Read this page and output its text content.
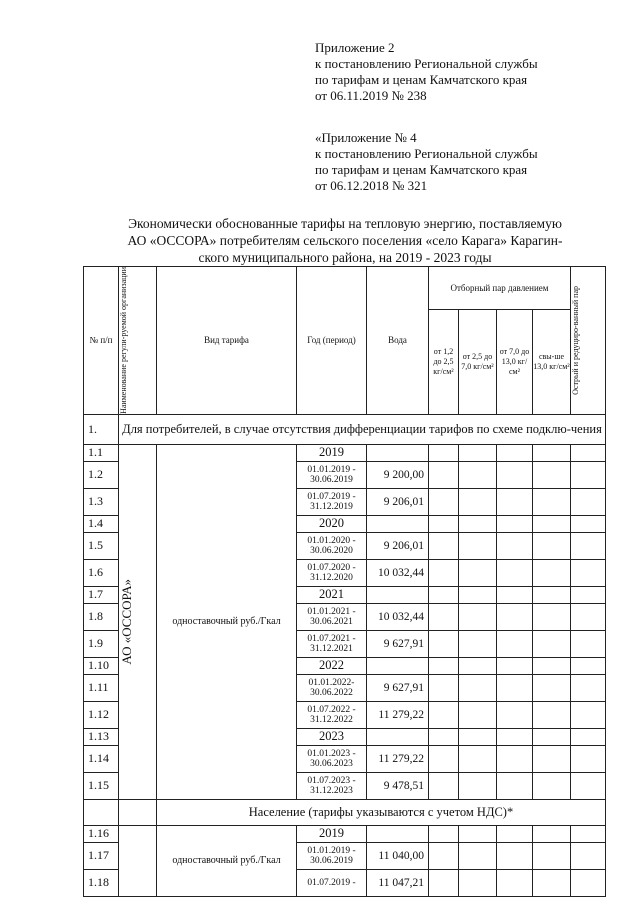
Приложение 2
к постановлению Региональной службы
по тарифам и ценам Камчатского края
от 06.11.2019 № 238
«Приложение № 4
к постановлению Региональной службы
по тарифам и ценам Камчатского края
от 06.12.2018 № 321
Экономически обоснованные тарифы на тепловую энергию, поставляемую
АО «ОССОРА» потребителям сельского поселения «село Карага» Карагин-
ского муниципального района, на 2019 - 2023 годы
№ п/п	Наименование регули-руемой организации	Вид тарифа	Год (период)	Вода	Отборный пар давлением				Острый и редуциро-ванный пар

					от 1,2 до 2,5 кг/см²	от 2,5 до 7,0 кг/см²	от 7,0 до 13,0 кг/см²	свы-ше 13,0 кг/см²	
1.	Для потребителей, в случае отсутствия дифференциации тарифов по схеме подклю-чения								
1.1	АО «ОССОРА»	одноставочный руб./Гкал	2019						
1.2			01.01.2019 - 30.06.2019	9 200,00					
1.3			01.07.2019 - 31.12.2019	9 206,01					
1.4			2020						
1.5			01.01.2020 - 30.06.2020	9 206,01					
1.6			01.07.2020 - 31.12.2020	10 032,44					
1.7			2021						
1.8			01.01.2021 - 30.06.2021	10 032,44					
1.9			01.07.2021 - 31.12.2021	9 627,91					
1.10			2022						
1.11			01.01.2022- 30.06.2022	9 627,91					
1.12			01.07.2022 - 31.12.2022	11 279,22					
1.13			2023						
1.14			01.01.2023 - 30.06.2023	11 279,22					
1.15			01.07.2023 - 31.12.2023	9 478,51					
		Население (тарифы указываются с учетом НДС)*							
1.16		одноставочный руб./Гкал	2019						
1.17			01.01.2019 - 30.06.2019	11 040,00					
1.18			01.07.2019 -	11 047,21					
